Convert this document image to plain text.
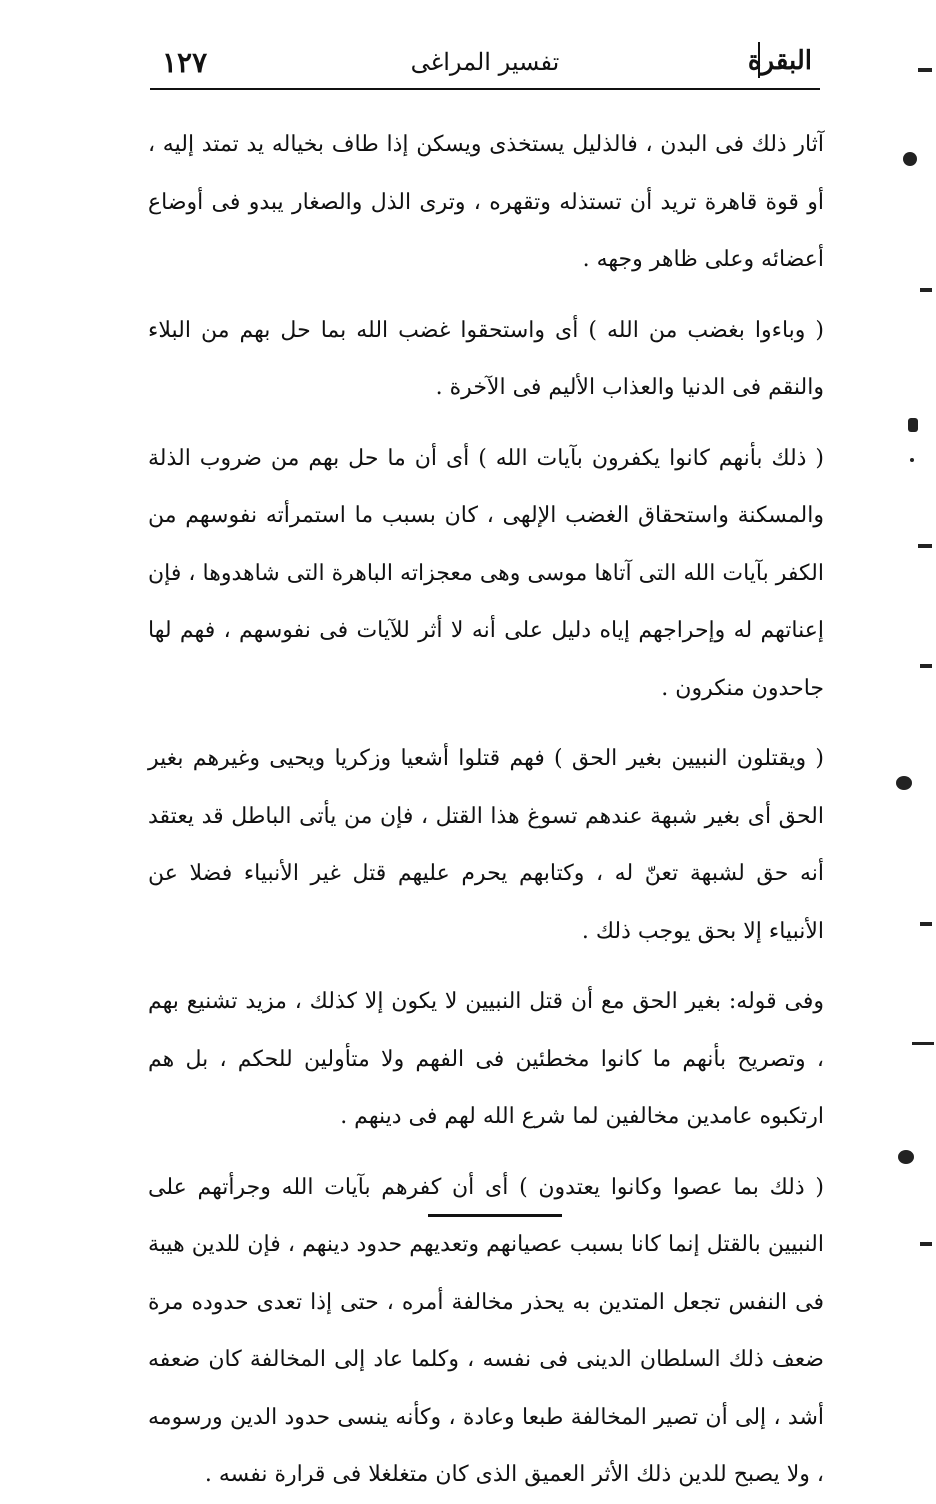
١٢٧	تفسير المراغى	البقرة

آثار ذلك فى البدن ، فالذليل يستخذى ويسكن إذا طاف بخياله يد تمتد إليه ، أو قوة قاهرة تريد أن تستذله وتقهره ، وترى الذل والصغار يبدو فى أوضاع أعضائه وعلى ظاهر وجهه .

( وباءوا بغضب من الله ) أى واستحقوا غضب الله بما حل بهم من البلاء والنقم فى الدنيا والعذاب الأليم فى الآخرة .

( ذلك بأنهم كانوا يكفرون بآيات الله ) أى أن ما حل بهم من ضروب الذلة والمسكنة واستحقاق الغضب الإلهى ، كان بسبب ما استمرأته نفوسهم من الكفر بآيات الله التى آتاها موسى وهى معجزاته الباهرة التى شاهدوها ، فإن إعناتهم له وإحراجهم إياه دليل على أنه لا أثر للآيات فى نفوسهم ، فهم لها جاحدون منكرون .

( ويقتلون النبيين بغير الحق ) فهم قتلوا أشعيا وزكريا ويحيى وغيرهم بغير الحق أى بغير شبهة عندهم تسوغ هذا القتل ، فإن من يأتى الباطل قد يعتقد أنه حق لشبهة تعنّ له ، وكتابهم يحرم عليهم قتل غير الأنبياء فضلا عن الأنبياء إلا بحق يوجب ذلك .

وفى قوله: بغير الحق مع أن قتل النبيين لا يكون إلا كذلك ، مزيد تشنيع بهم ، وتصريح بأنهم ما كانوا مخطئين فى الفهم ولا متأولين للحكم ، بل هم ارتكبوه عامدين مخالفين لما شرع الله لهم فى دينهم .

( ذلك بما عصوا وكانوا يعتدون ) أى أن كفرهم بآيات الله وجرأتهم على النبيين بالقتل إنما كانا بسبب عصيانهم وتعديهم حدود دينهم ، فإن للدين هيبة فى النفس تجعل المتدين به يحذر مخالفة أمره ، حتى إذا تعدى حدوده مرة ضعف ذلك السلطان الدينى فى نفسه ، وكلما عاد إلى المخالفة كان ضعفه أشد ، إلى أن تصير المخالفة طبعا وعادة ، وكأنه ينسى حدود الدين ورسومه ، ولا يصبح للدين ذلك الأثر العميق الذى كان متغلغلا فى قرارة نفسه .
